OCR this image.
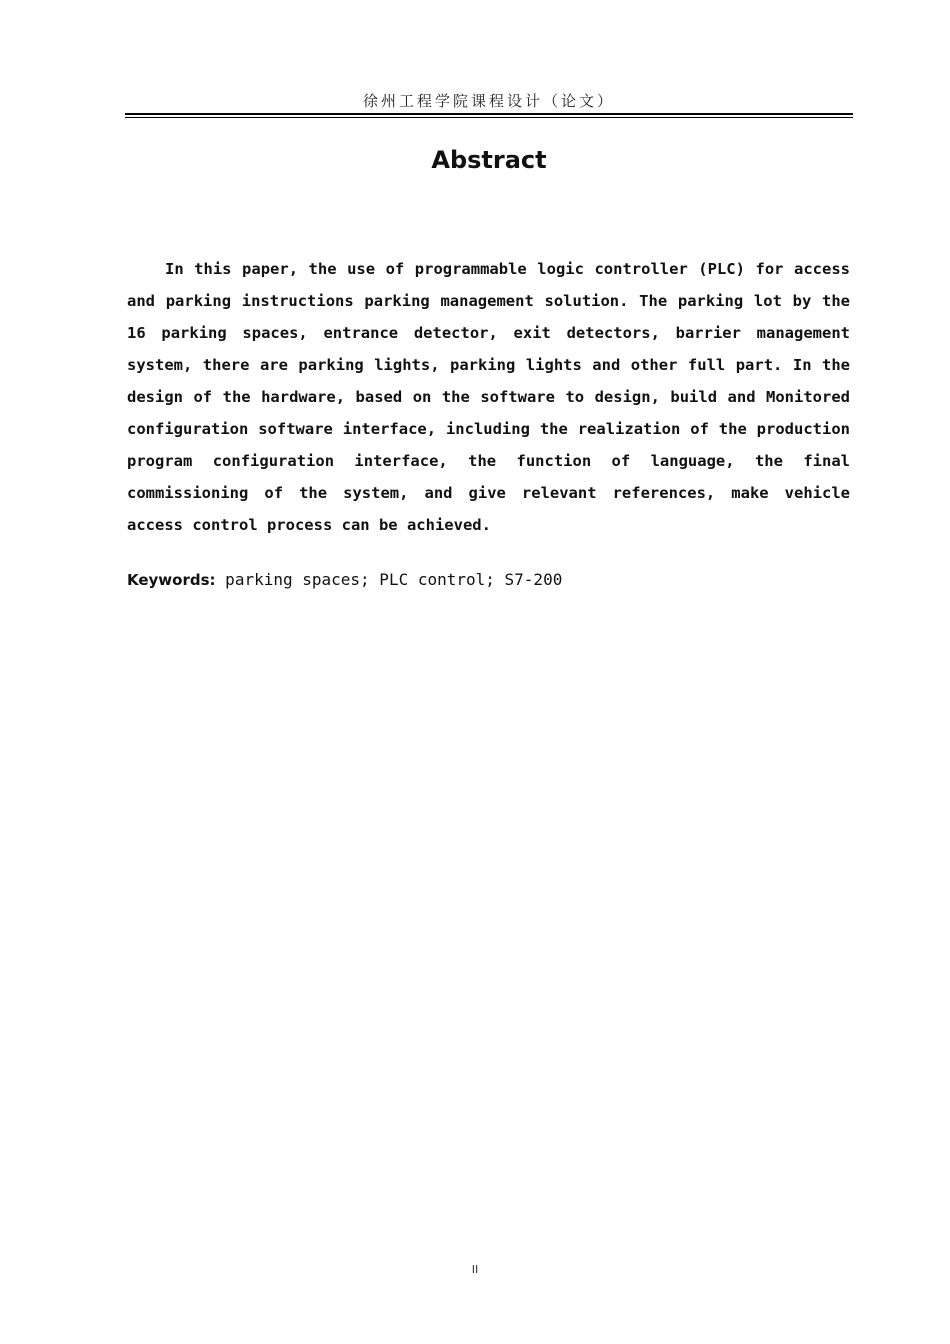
徐州工程学院课程设计（论文）
Abstract

In this paper, the use of programmable logic controller (PLC) for access and parking instructions parking management solution. The parking lot by the 16 parking spaces, entrance detector, exit detectors, barrier management system, there are parking lights, parking lights and other full part. In the design of the hardware, based on the software to design, build and Monitored configuration software interface, including the realization of the production program configuration interface, the function of language, the final commissioning of the system, and give relevant references, make vehicle access control process can be achieved.

Keywords: parking spaces; PLC control; S7-200
II
